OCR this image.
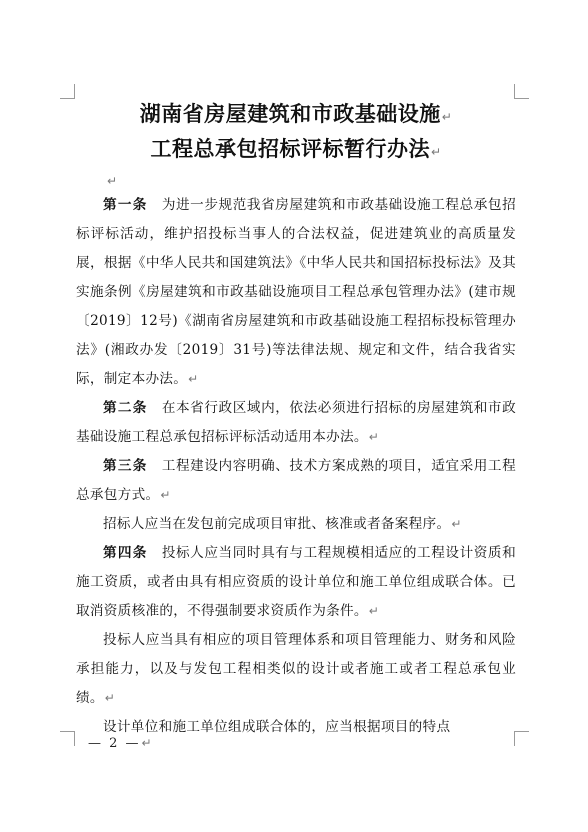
湖南省房屋建筑和市政基础设施↵
工程总承包招标评标暂行办法↵
↵

第一条　 为进一步规范我省房屋建筑和市政基础设施工程总承包招标评标活动，维护招投标当事人的合法权益，促进建筑业的高质量发展，根据《中华人民共和国建筑法》《中华人民共和国招标投标法》及其实施条例《房屋建筑和市政基础设施项目工程总承包管理办法》(建市规〔2019〕12号)《湖南省房屋建筑和市政基础设施工程招标投标管理办法》(湘政办发〔2019〕31号)等法律法规、规定和文件，结合我省实际，制定本办法。↵

第二条　 在本省行政区域内，依法必须进行招标的房屋建筑和市政基础设施工程总承包招标评标活动适用本办法。↵

第三条　 工程建设内容明确、技术方案成熟的项目，适宜采用工程总承包方式。↵

招标人应当在发包前完成项目审批、核准或者备案程序。↵

第四条　 投标人应当同时具有与工程规模相适应的工程设计资质和施工资质，或者由具有相应资质的设计单位和施工单位组成联合体。已取消资质核准的，不得强制要求资质作为条件。↵

投标人应当具有相应的项目管理体系和项目管理能力、财务和风险承担能力，以及与发包工程相类似的设计或者施工或者工程总承包业绩。↵

设计单位和施工单位组成联合体的，应当根据项目的特点

— 2 —↵
